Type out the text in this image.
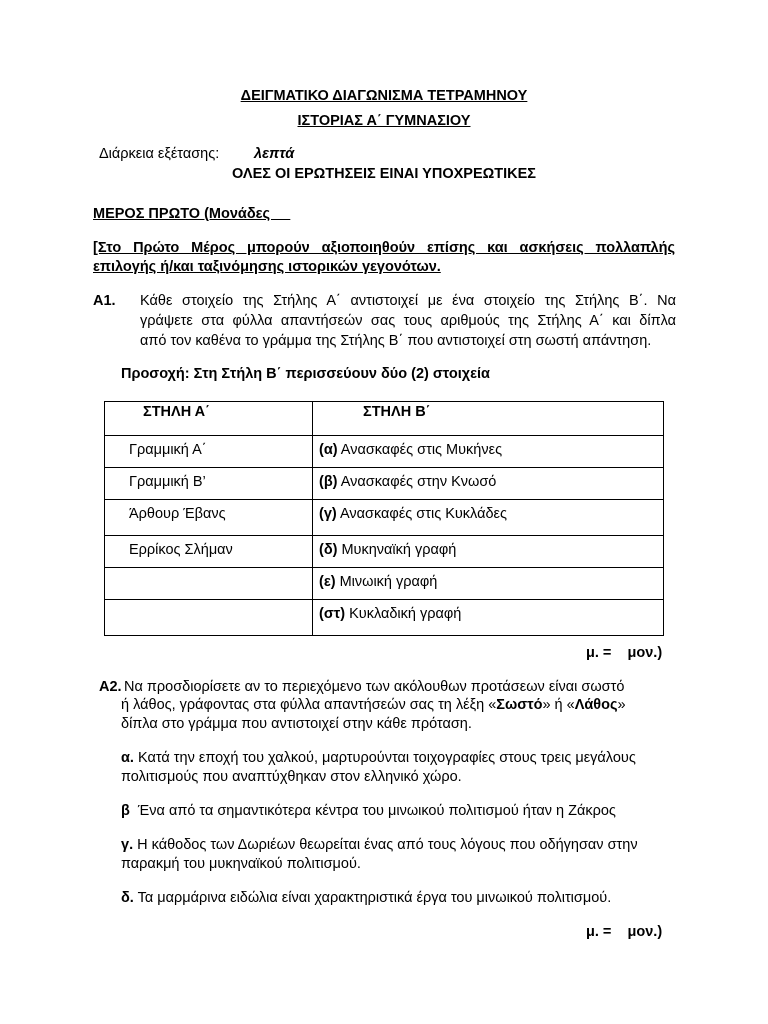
ΔΕΙΓΜΑΤΙΚΟ ΔΙΑΓΩΝΙΣΜΑ ΤΕΤΡΑΜΗΝΟΥ
ΙΣΤΟΡΙΑΣ Α΄ ΓΥΜΝΑΣΙΟΥ
Διάρκεια εξέτασης: λεπτά
ΟΛΕΣ ΟΙ ΕΡΩΤΗΣΕΙΣ ΕΙΝΑΙ ΥΠΟΧΡΕΩΤΙΚΕΣ
ΜΕΡΟΣ ΠΡΩΤΟ (Μονάδες __
[Στο Πρώτο Μέρος μπορούν αξιοποιηθούν επίσης και ασκήσεις πολλαπλής
επιλογής ή/και ταξινόμησης ιστορικών γεγονότων.
Α1. Κάθε στοιχείο της Στήλης Α΄ αντιστοιχεί με ένα στοιχείο της Στήλης Β΄. Να
γράψετε στα φύλλα απαντήσεών σας τους αριθμούς της Στήλης Α΄ και δίπλα
από τον καθένα το γράμμα της Στήλης Β΄ που αντιστοιχεί στη σωστή απάντηση.
Προσοχή: Στη Στήλη Β΄ περισσεύουν δύο (2) στοιχεία
ΣΤΗΛΗ Α΄	ΣΤΗΛΗ Β΄
Γραμμική Α΄	(α) Ανασκαφές στις Μυκήνες
Γραμμική Β’	(β) Ανασκαφές στην Κνωσό
Άρθουρ Έβανς	(γ) Ανασκαφές στις Κυκλάδες
Ερρίκος Σλήμαν	(δ) Μυκηναϊκή γραφή
	(ε) Μινωική γραφή
	(στ) Κυκλαδική γραφή
μ. =    μον.)
Α2. Να προσδιορίσετε αν το περιεχόμενο των ακόλουθων προτάσεων είναι σωστό
ή λάθος, γράφοντας στα φύλλα απαντήσεών σας τη λέξη «Σωστό» ή «Λάθος»
δίπλα στο γράμμα που αντιστοιχεί στην κάθε πρόταση.
α. Κατά την εποχή του χαλκού, μαρτυρούνται τοιχογραφίες στους τρεις μεγάλους
πολιτισμούς που αναπτύχθηκαν στον ελληνικό χώρο.
β  Ένα από τα σημαντικότερα κέντρα του μινωικού πολιτισμού ήταν η Ζάκρος
γ. Η κάθοδος των Δωριέων θεωρείται ένας από τους λόγους που οδήγησαν στην
παρακμή του μυκηναϊκού πολιτισμού.
δ. Τα μαρμάρινα ειδώλια είναι χαρακτηριστικά έργα του μινωικού πολιτισμού.
μ. =    μον.)
